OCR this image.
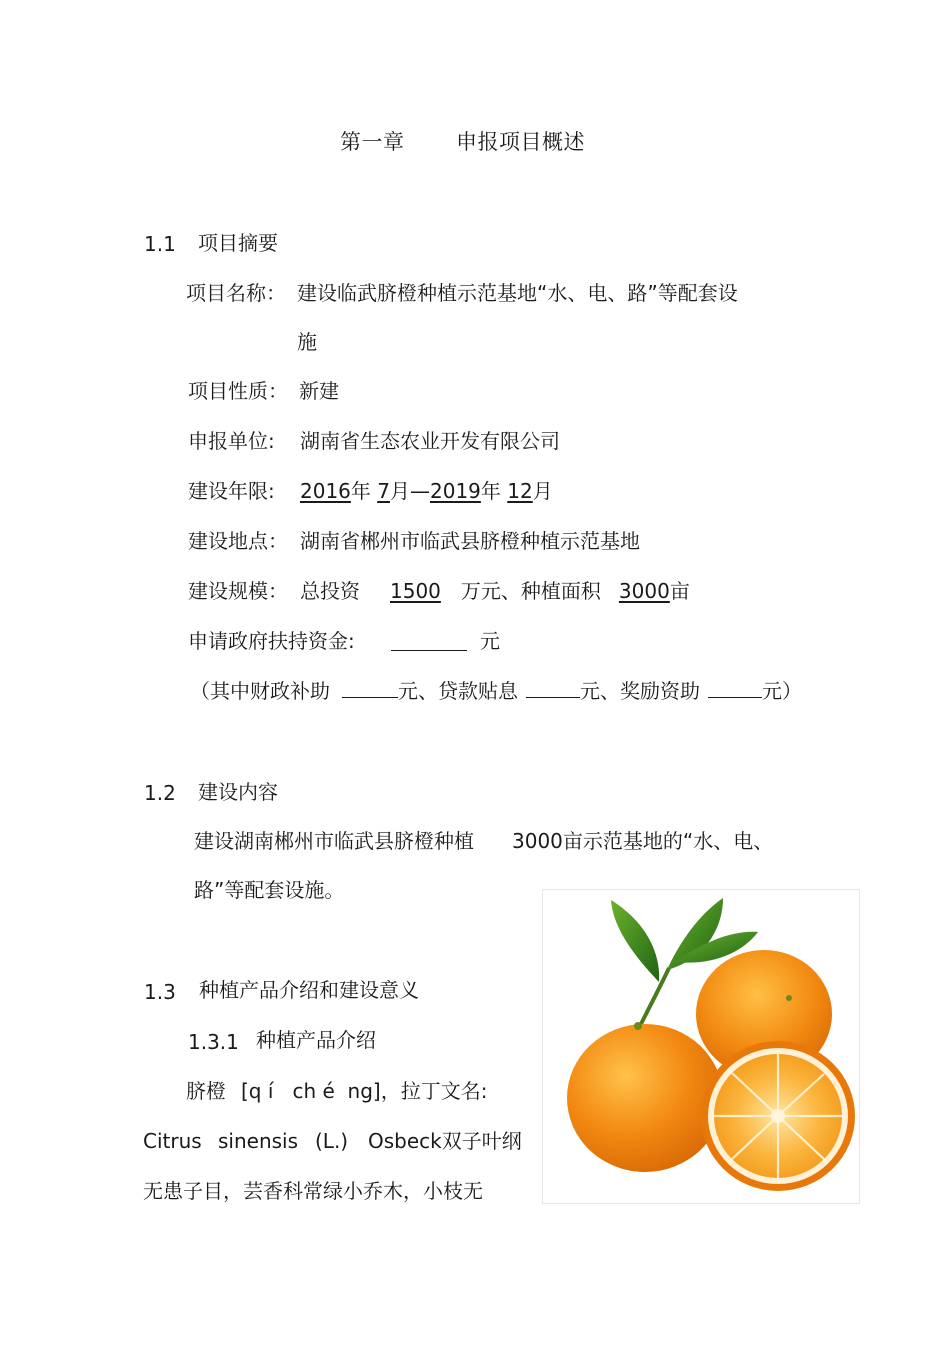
第一章 申报项目概述
1.1 项目摘要
项目名称： 建设临武脐橙种植示范基地“水、电、路”等配套设
施
项目性质： 新建
申报单位: 湖南省生态农业开发有限公司
建设年限: 2016年 7月—2019年 12月
建设地点： 湖南省郴州市临武县脐橙种植示范基地
建设规模： 总投资 1500 万元、种植面积 3000亩
申请政府扶持资金:	元
（其中财政补助	元、贷款贴息	元、奖励资助	元）
1.2 建设内容
建设湖南郴州市临武县脐橙种植 3000亩示范基地的“水、电、
路”等配套设施。
1.3 种植产品介绍和建设意义
1.3.1 种植产品介绍
脐橙 [q í   ch é  ng]，拉丁文名:
Citrus sinensis (L.) Osbeck双子叶纲
无患子目，芸香科常绿小乔木，小枝无
